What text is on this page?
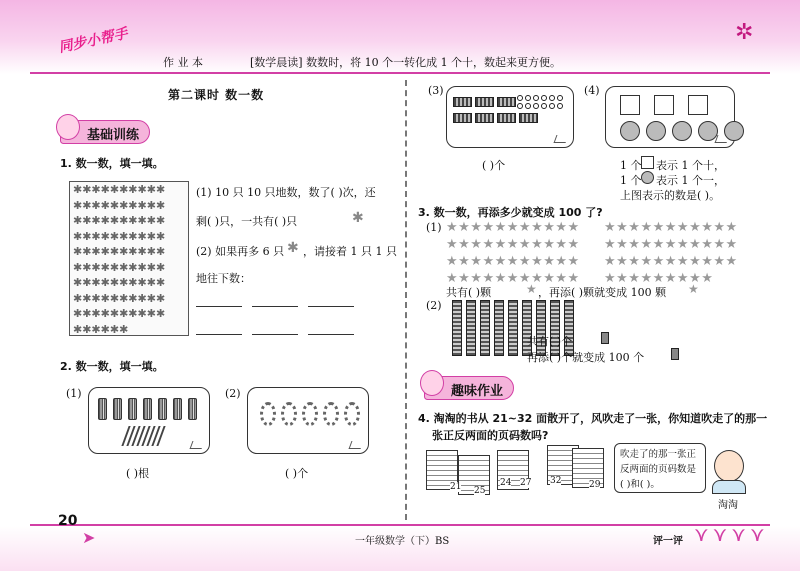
同步小帮手
作 业 本	[数学晨读] 数数时，将 10 个一转化成 1 个十，数起来更方便。
✲
第二课时 数一数
基础训练
1. 数一数，填一填。
✱✱✱✱✱✱✱✱✱✱
✱✱✱✱✱✱✱✱✱✱
✱✱✱✱✱✱✱✱✱✱
✱✱✱✱✱✱✱✱✱✱
✱✱✱✱✱✱✱✱✱✱
✱✱✱✱✱✱✱✱✱✱
✱✱✱✱✱✱✱✱✱✱
✱✱✱✱✱✱✱✱✱✱
✱✱✱✱✱✱✱✱✱✱
✱✱✱✱✱✱
(1) 10 只 10 只地数，数了( )次，还
剩( )只，一共有( )只	✱
(2) 如果再多 6 只 ✱ ，请接着 1 只 1 只
地往下数：
2. 数一数，填一填。
(1)
( )根
(2)
( )个
(3)
( )个
(4)
1 个 表示 1 个十，
1 个 表示 1 个一，
上图表示的数是( )。
3. 数一数，再添多少就变成 100 了?
(1) ★★★★★★★★★★★
★★★★★★★★★★★
★★★★★★★★★★★
★★★★★★★★★★★
★★★★★★★★★★★
★★★★★★★★★★★
★★★★★★★★★★★
★★★★★★★★★
共有( )颗	★ ，再添( )颗就变成 100 颗 ★
(2)
共有( )个
再添( )个就变成 100 个
趣味作业
4. 淘淘的书从 21~32 面散开了，风吹走了一张，你知道吹走了的那一
张正反两面的页码数吗?
21 25
24 27 32	29
吹走了的那一张正
反两面的页码数是
( )和( )。
淘淘
20
➤	一年级数学（下）BS	评一评 ⋎⋎⋎⋎
